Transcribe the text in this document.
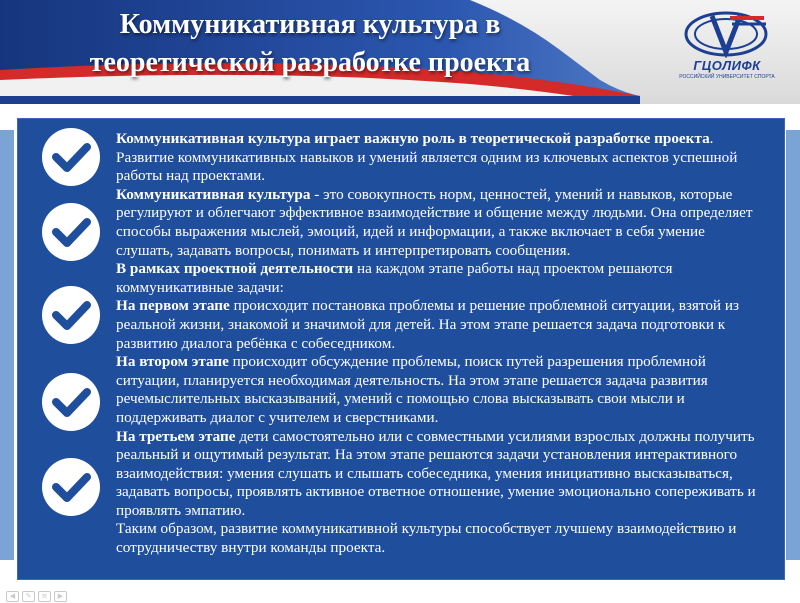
Коммуникативная культура в
теоретической разработке проекта	ГЦОЛИФК
РОССИЙСКИЙ УНИВЕРСИТЕТ СПОРТА

Коммуникативная культура играет важную роль в теоретической разработке проекта. Развитие коммуникативных навыков и умений является одним из ключевых аспектов успешной работы над проектами.

Коммуникативная культура - это совокупность норм, ценностей, умений и навыков, которые регулируют и облегчают эффективное взаимодействие и общение между людьми. Она определяет способы выражения мыслей, эмоций, идей и информации, а также включает в себя умение слушать, задавать вопросы, понимать и интерпретировать сообщения.

В рамках проектной деятельности на каждом этапе работы над проектом решаются коммуникативные задачи:

На первом этапе происходит постановка проблемы и решение проблемной ситуации, взятой из реальной жизни, знакомой и значимой для детей. На этом этапе решается задача подготовки к развитию диалога ребёнка с собеседником.

На втором этапе происходит обсуждение проблемы, поиск путей разрешения проблемной ситуации, планируется необходимая деятельность. На этом этапе решается задача развития речемыслительных высказываний, умений с помощью слова высказывать свои мысли и поддерживать диалог с учителем и сверстниками.

На третьем этапе дети самостоятельно или с совместными усилиями взрослых должны получить реальный и ощутимый результат. На этом этапе решаются задачи установления интерактивного взаимодействия: умения слушать и слышать собеседника, умения инициативно высказываться, задавать вопросы, проявлять активное ответное отношение, умение эмоционально сопереживать и проявлять эмпатию.

Таким образом, развитие коммуникативной культуры способствует лучшему взаимодействию и сотрудничеству внутри команды проекта.

◀ ✎ ≡ ▶
